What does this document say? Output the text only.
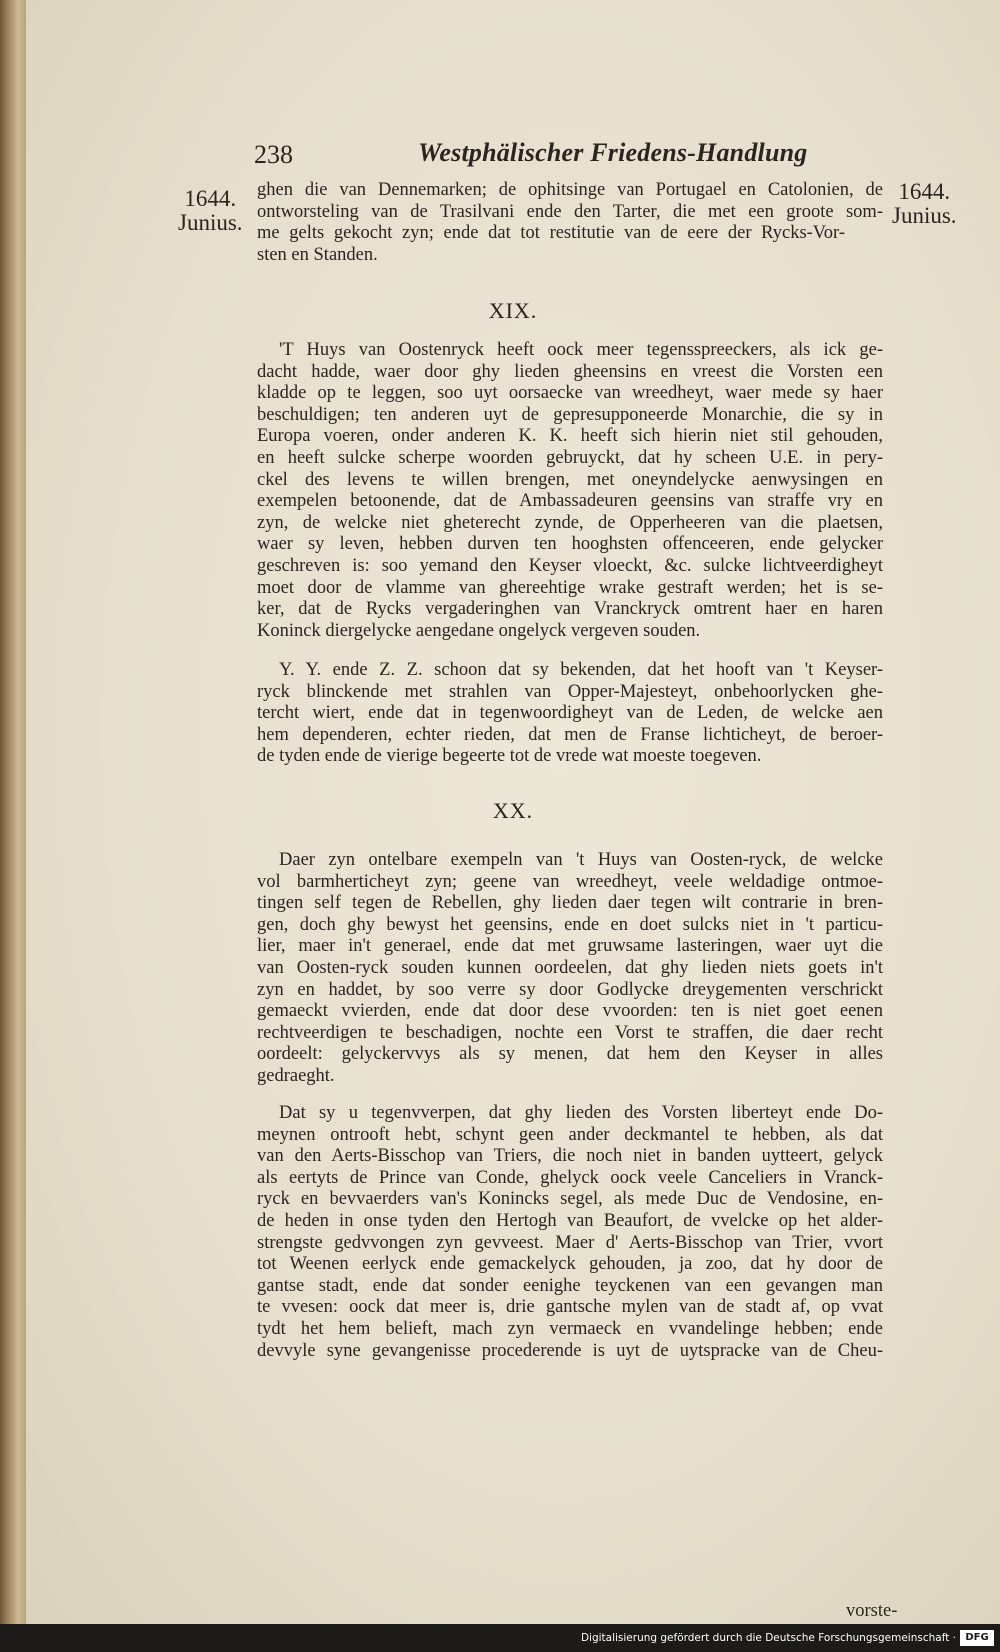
238	Westphälischer Friedens-Handlung
1644.
Junius.
1644.
Junius.
ghen die van Dennemarken; de ophitsinge van Portugael en Catolonien, de
ontworsteling van de Trasilvani ende den Tarter, die met een groote som-
me gelts gekocht zyn; ende dat tot restitutie van de eere der Rycks-Vor-
sten en Standen.
XIX.
'T Huys van Oostenryck heeft oock meer tegensspreeckers, als ick ge-
dacht hadde, waer door ghy lieden gheensins en vreest die Vorsten een
kladde op te leggen, soo uyt oorsaecke van wreedheyt, waer mede sy haer
beschuldigen; ten anderen uyt de gepresupponeerde Monarchie, die sy in
Europa voeren, onder anderen K. K. heeft sich hierin niet stil gehouden,
en heeft sulcke scherpe woorden gebruyckt, dat hy scheen U.E. in pery-
ckel des levens te willen brengen, met oneyndelycke aenwysingen en
exempelen betoonende, dat de Ambassadeuren geensins van straffe vry en
zyn, de welcke niet gheterecht zynde, de Opperheeren van die plaetsen,
waer sy leven, hebben durven ten hooghsten offenceeren, ende gelycker
geschreven is: soo yemand den Keyser vloeckt, &c. sulcke lichtveerdigheyt
moet door de vlamme van ghereehtige wrake gestraft werden; het is se-
ker, dat de Rycks vergaderinghen van Vranckryck omtrent haer en haren
Koninck diergelycke aengedane ongelyck vergeven souden.
Y. Y. ende Z. Z. schoon dat sy bekenden, dat het hooft van 't Keyser-
ryck blinckende met strahlen van Opper-Majesteyt, onbehoorlycken ghe-
tercht wiert, ende dat in tegenwoordigheyt van de Leden, de welcke aen
hem dependeren, echter rieden, dat men de Franse lichticheyt, de beroer-
de tyden ende de vierige begeerte tot de vrede wat moeste toegeven.
XX.
Daer zyn ontelbare exempeln van 't Huys van Oosten-ryck, de welcke
vol barmherticheyt zyn; geene van wreedheyt, veele weldadige ontmoe-
tingen self tegen de Rebellen, ghy lieden daer tegen wilt contrarie in bren-
gen, doch ghy bewyst het geensins, ende en doet sulcks niet in 't particu-
lier, maer in't generael, ende dat met gruwsame lasteringen, waer uyt die
van Oosten-ryck souden kunnen oordeelen, dat ghy lieden niets goets in't
zyn en haddet, by soo verre sy door Godlycke dreygementen verschrickt
gemaeckt vvierden, ende dat door dese vvoorden: ten is niet goet eenen
rechtveerdigen te beschadigen, nochte een Vorst te straffen, die daer recht
oordeelt: gelyckervvys als sy menen, dat hem den Keyser in alles
gedraeght.
Dat sy u tegenvverpen, dat ghy lieden des Vorsten liberteyt ende Do-
meynen ontrooft hebt, schynt geen ander deckmantel te hebben, als dat
van den Aerts-Bisschop van Triers, die noch niet in banden uytteert, gelyck
als eertyts de Prince van Conde, ghelyck oock veele Canceliers in Vranck-
ryck en bevvaerders van's Konincks segel, als mede Duc de Vendosine, en-
de heden in onse tyden den Hertogh van Beaufort, de vvelcke op het alder-
strengste gedvvongen zyn gevveest. Maer d' Aerts-Bisschop van Trier, vvort
tot Weenen eerlyck ende gemackelyck gehouden, ja zoo, dat hy door de
gantse stadt, ende dat sonder eenighe teyckenen van een gevangen man
te vvesen: oock dat meer is, drie gantsche mylen van de stadt af, op vvat
tydt het hem belieft, mach zyn vermaeck en vvandelinge hebben; ende
devvyle syne gevangenisse procederende is uyt de uytspracke van de Cheu-
vorste-
Digitalisierung gefördert durch die Deutsche Forschungsgemeinschaft · DFG
